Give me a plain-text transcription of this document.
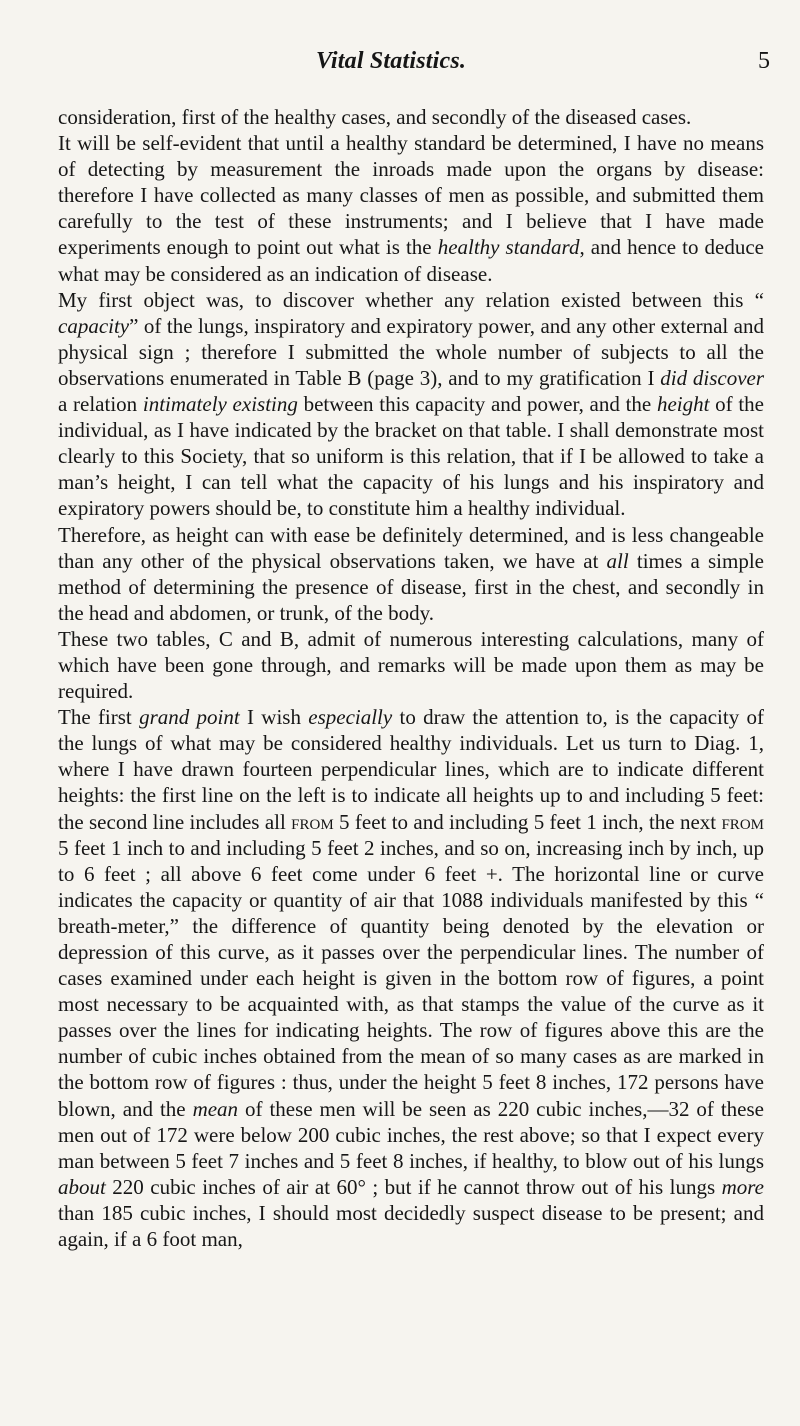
Vital Statistics.	5

consideration, first of the healthy cases, and secondly of the diseased cases.

It will be self-evident that until a healthy standard be determined, I have no means of detecting by measurement the inroads made upon the organs by disease: therefore I have collected as many classes of men as possible, and submitted them carefully to the test of these instruments; and I believe that I have made experiments enough to point out what is the healthy standard, and hence to deduce what may be considered as an indication of disease.

My first object was, to discover whether any relation existed between this “ capacity” of the lungs, inspiratory and expiratory power, and any other external and physical sign ; therefore I submitted the whole number of subjects to all the observations enumerated in Table B (page 3), and to my gratification I did discover a relation intimately existing between this capacity and power, and the height of the individual, as I have indicated by the bracket on that table. I shall demonstrate most clearly to this Society, that so uniform is this relation, that if I be allowed to take a man’s height, I can tell what the capacity of his lungs and his inspiratory and expiratory powers should be, to constitute him a healthy individual.

Therefore, as height can with ease be definitely determined, and is less changeable than any other of the physical observations taken, we have at all times a simple method of determining the presence of disease, first in the chest, and secondly in the head and abdomen, or trunk, of the body.

These two tables, C and B, admit of numerous interesting calculations, many of which have been gone through, and remarks will be made upon them as may be required.

The first grand point I wish especially to draw the attention to, is the capacity of the lungs of what may be considered healthy individuals. Let us turn to Diag. 1, where I have drawn fourteen perpendicular lines, which are to indicate different heights: the first line on the left is to indicate all heights up to and including 5 feet: the second line includes all from 5 feet to and including 5 feet 1 inch, the next from 5 feet 1 inch to and including 5 feet 2 inches, and so on, increasing inch by inch, up to 6 feet ; all above 6 feet come under 6 feet +. The horizontal line or curve indicates the capacity or quantity of air that 1088 individuals manifested by this “ breath-meter,” the difference of quantity being denoted by the elevation or depression of this curve, as it passes over the perpendicular lines. The number of cases examined under each height is given in the bottom row of figures, a point most necessary to be acquainted with, as that stamps the value of the curve as it passes over the lines for indicating heights. The row of figures above this are the number of cubic inches obtained from the mean of so many cases as are marked in the bottom row of figures : thus, under the height 5 feet 8 inches, 172 persons have blown, and the mean of these men will be seen as 220 cubic inches,—32 of these men out of 172 were below 200 cubic inches, the rest above; so that I expect every man between 5 feet 7 inches and 5 feet 8 inches, if healthy, to blow out of his lungs about 220 cubic inches of air at 60° ; but if he cannot throw out of his lungs more than 185 cubic inches, I should most decidedly suspect disease to be present; and again, if a 6 foot man,
